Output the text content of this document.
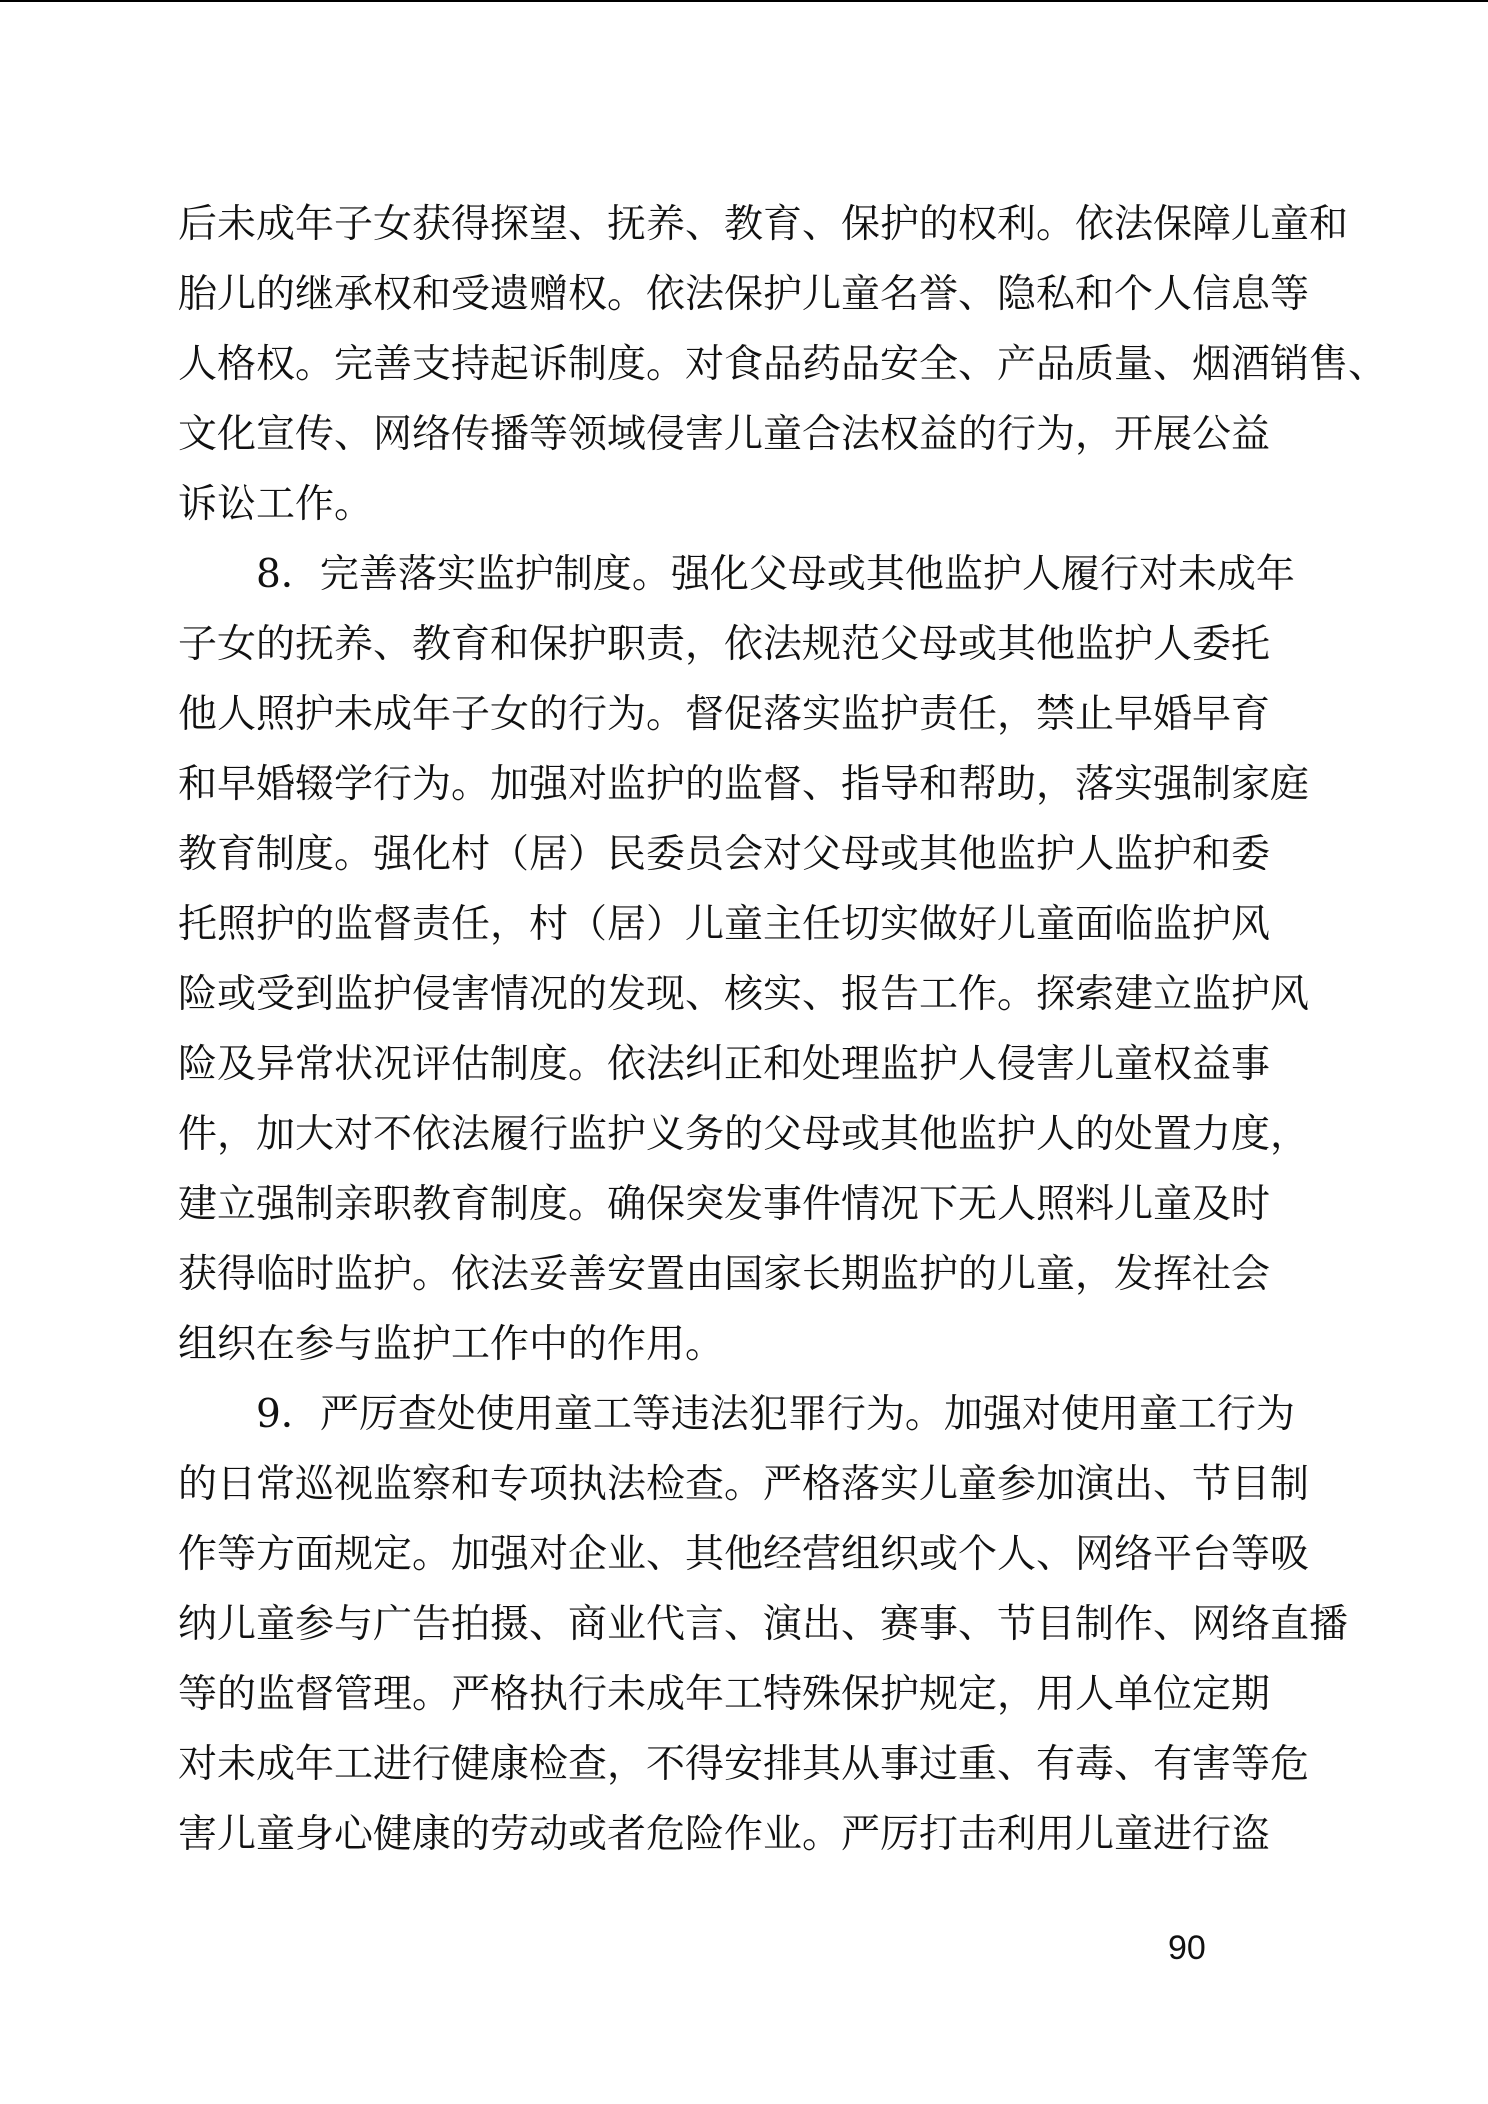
后未成年子女获得探望、抚养、教育、保护的权利。依法保障儿童和
胎儿的继承权和受遗赠权。依法保护儿童名誉、隐私和个人信息等
人格权。完善支持起诉制度。对食品药品安全、产品质量、烟酒销售、
文化宣传、网络传播等领域侵害儿童合法权益的行为，开展公益
诉讼工作。
　　8．完善落实监护制度。强化父母或其他监护人履行对未成年
子女的抚养、教育和保护职责，依法规范父母或其他监护人委托
他人照护未成年子女的行为。督促落实监护责任，禁止早婚早育
和早婚辍学行为。加强对监护的监督、指导和帮助，落实强制家庭
教育制度。强化村（居）民委员会对父母或其他监护人监护和委
托照护的监督责任，村（居）儿童主任切实做好儿童面临监护风
险或受到监护侵害情况的发现、核实、报告工作。探索建立监护风
险及异常状况评估制度。依法纠正和处理监护人侵害儿童权益事
件，加大对不依法履行监护义务的父母或其他监护人的处置力度，
建立强制亲职教育制度。确保突发事件情况下无人照料儿童及时
获得临时监护。依法妥善安置由国家长期监护的儿童，发挥社会
组织在参与监护工作中的作用。
　　9．严厉查处使用童工等违法犯罪行为。加强对使用童工行为
的日常巡视监察和专项执法检查。严格落实儿童参加演出、节目制
作等方面规定。加强对企业、其他经营组织或个人、网络平台等吸
纳儿童参与广告拍摄、商业代言、演出、赛事、节目制作、网络直播
等的监督管理。严格执行未成年工特殊保护规定，用人单位定期
对未成年工进行健康检查，不得安排其从事过重、有毒、有害等危
害儿童身心健康的劳动或者危险作业。严厉打击利用儿童进行盗
90
